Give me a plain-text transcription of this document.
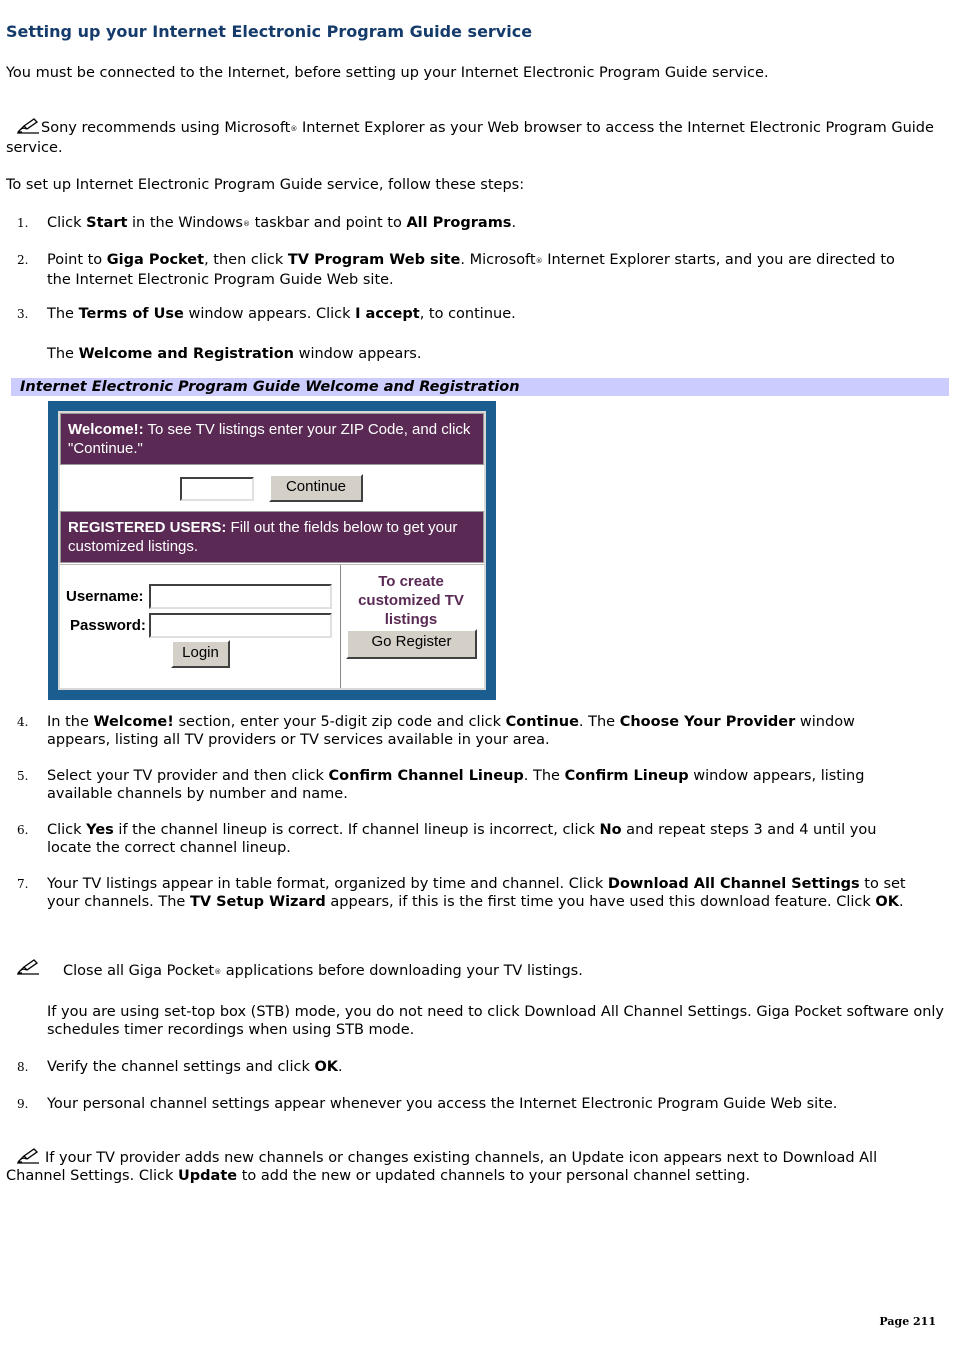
Setting up your Internet Electronic Program Guide service

You must be connected to the Internet, before setting up your Internet Electronic Program Guide service.

Sony recommends using Microsoft® Internet Explorer as your Web browser to access the Internet Electronic Program Guide service.

To set up Internet Electronic Program Guide service, follow these steps:

1. Click Start in the Windows® taskbar and point to All Programs.

2. Point to Giga Pocket, then click TV Program Web site. Microsoft® Internet Explorer starts, and you are directed to the Internet Electronic Program Guide Web site.

3. The Terms of Use window appears. Click I accept, to continue.

The Welcome and Registration window appears.

Internet Electronic Program Guide Welcome and Registration
Welcome!: To see TV listings enter your ZIP Code, and click "Continue."
Continue
REGISTERED USERS: Fill out the fields below to get your customized listings.
Username:
Password:
Login
To create customized TV listings
Go Register
4. In the Welcome! section, enter your 5-digit zip code and click Continue. The Choose Your Provider window appears, listing all TV providers or TV services available in your area.

5. Select your TV provider and then click Confirm Channel Lineup. The Confirm Lineup window appears, listing available channels by number and name.

6. Click Yes if the channel lineup is correct. If channel lineup is incorrect, click No and repeat steps 3 and 4 until you locate the correct channel lineup.

7. Your TV listings appear in table format, organized by time and channel. Click Download All Channel Settings to set your channels. The TV Setup Wizard appears, if this is the first time you have used this download feature. Click OK.

Close all Giga Pocket® applications before downloading your TV listings.

If you are using set-top box (STB) mode, you do not need to click Download All Channel Settings. Giga Pocket software only schedules timer recordings when using STB mode.

8. Verify the channel settings and click OK.

9. Your personal channel settings appear whenever you access the Internet Electronic Program Guide Web site.

If your TV provider adds new channels or changes existing channels, an Update icon appears next to Download All Channel Settings. Click Update to add the new or updated channels to your personal channel setting.

Page 211
